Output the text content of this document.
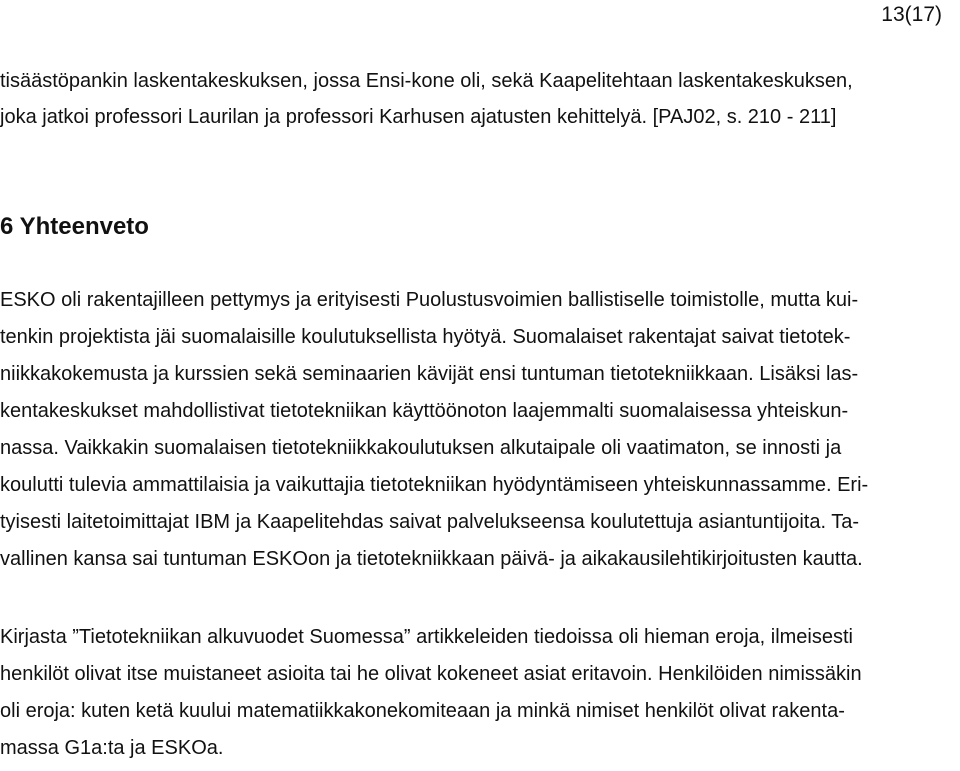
13(17)
tisäästöpankin laskentakeskuksen, jossa Ensi-kone oli, sekä Kaapelitehtaan laskentakeskuksen,
joka jatkoi professori Laurilan ja professori Karhusen ajatusten kehittelyä. [PAJ02, s. 210 - 211]
6 Yhteenveto
ESKO oli rakentajilleen pettymys ja erityisesti Puolustusvoimien ballistiselle toimistolle, mutta kui-
tenkin projektista jäi suomalaisille koulutuksellista hyötyä. Suomalaiset rakentajat saivat tietotek-
niikkakokemusta ja kurssien sekä seminaarien kävijät ensi tuntuman tietotekniikkaan. Lisäksi las-
kentakeskukset mahdollistivat tietotekniikan käyttöönoton laajemmalti suomalaisessa yhteiskun-
nassa. Vaikkakin suomalaisen tietotekniikkakoulutuksen alkutaipale oli vaatimaton, se innosti ja
koulutti tulevia ammattilaisia ja vaikuttajia tietotekniikan hyödyntämiseen yhteiskunnassamme. Eri-
tyisesti laitetoimittajat IBM ja Kaapelitehdas saivat palvelukseensa koulutettuja asiantuntijoita. Ta-
vallinen kansa sai tuntuman ESKOon ja tietotekniikkaan päivä- ja aikakausilehtikirjoitusten kautta.
Kirjasta ”Tietotekniikan alkuvuodet Suomessa” artikkeleiden tiedoissa oli hieman eroja, ilmeisesti
henkilöt olivat itse muistaneet asioita tai he olivat kokeneet asiat eritavoin. Henkilöiden nimissäkin
oli eroja: kuten ketä kuului matematiikkakonekomiteaan ja minkä nimiset henkilöt olivat rakenta-
massa G1a:ta ja ESKOa.
